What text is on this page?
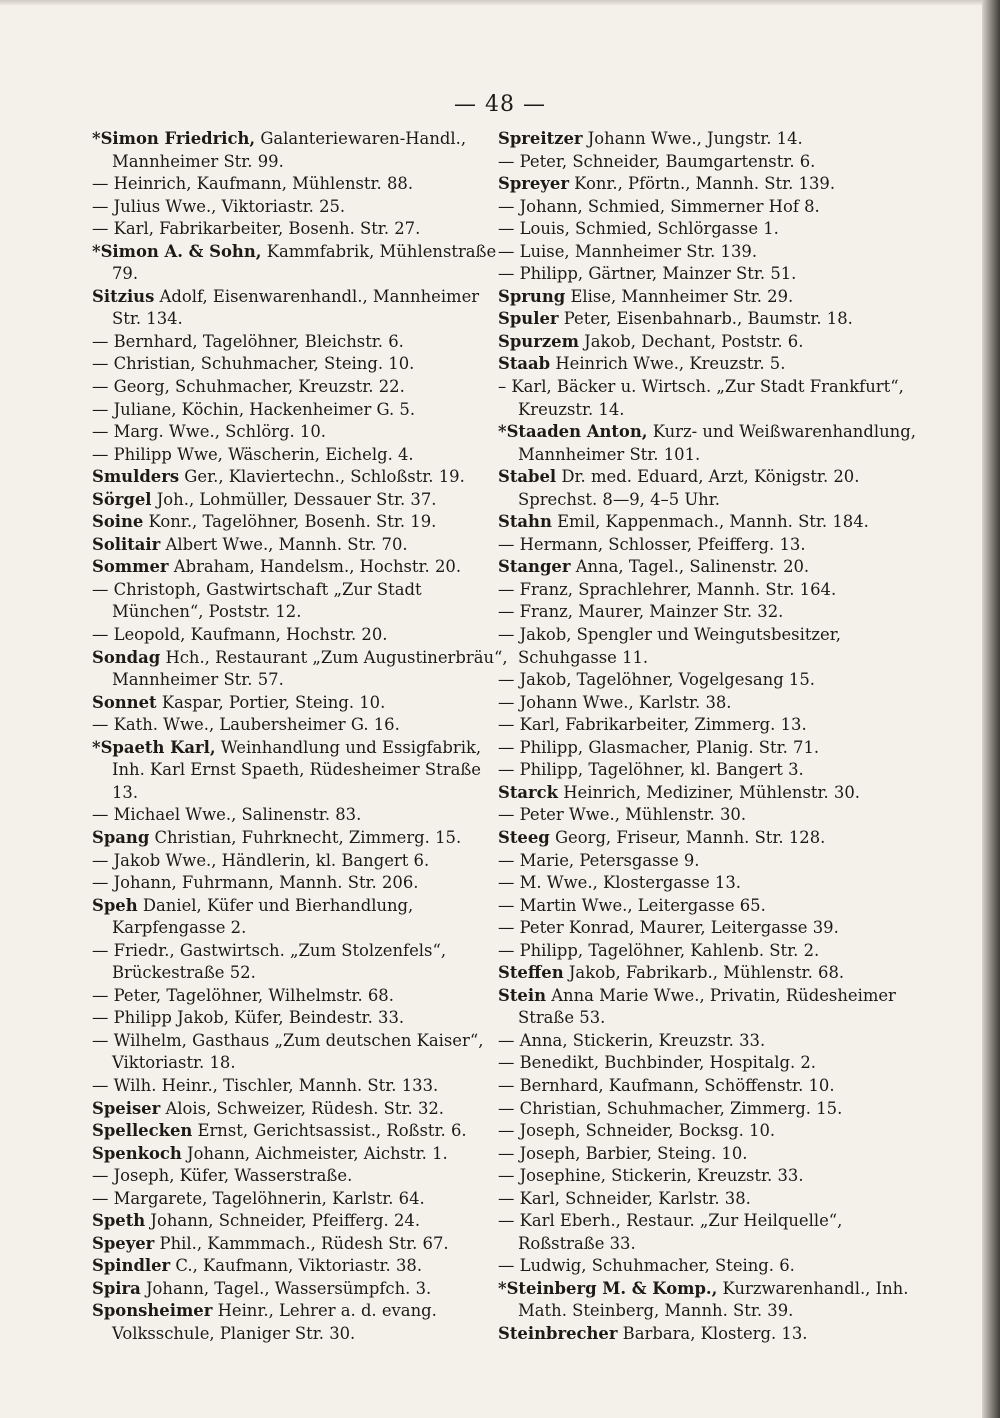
— 48 —
*Simon Friedrich, Galanteriewaren-Handl., Mannheimer Str. 99.
— Heinrich, Kaufmann, Mühlenstr. 88.
— Julius Wwe., Viktoriastr. 25.
— Karl, Fabrikarbeiter, Bosenh. Str. 27.
*Simon A. & Sohn, Kammfabrik, Mühlenstraße 79.
Sitzius Adolf, Eisenwarenhandl., Mannheimer Str. 134.
— Bernhard, Tagelöhner, Bleichstr. 6.
— Christian, Schuhmacher, Steing. 10.
— Georg, Schuhmacher, Kreuzstr. 22.
— Juliane, Köchin, Hackenheimer G. 5.
— Marg. Wwe., Schlörg. 10.
— Philipp Wwe, Wäscherin, Eichelg. 4.
Smulders Ger., Klaviertechn., Schloßstr. 19.
Sörgel Joh., Lohmüller, Dessauer Str. 37.
Soine Konr., Tagelöhner, Bosenh. Str. 19.
Solitair Albert Wwe., Mannh. Str. 70.
Sommer Abraham, Handelsm., Hochstr. 20.
— Christoph, Gastwirtschaft „Zur Stadt München“, Poststr. 12.
— Leopold, Kaufmann, Hochstr. 20.
Sondag Hch., Restaurant „Zum Augustinerbräu“, Mannheimer Str. 57.
Sonnet Kaspar, Portier, Steing. 10.
— Kath. Wwe., Laubersheimer G. 16.
*Spaeth Karl, Weinhandlung und Essigfabrik, Inh. Karl Ernst Spaeth, Rüdesheimer Straße 13.
— Michael Wwe., Salinenstr. 83.
Spang Christian, Fuhrknecht, Zimmerg. 15.
— Jakob Wwe., Händlerin, kl. Bangert 6.
— Johann, Fuhrmann, Mannh. Str. 206.
Speh Daniel, Küfer und Bierhandlung, Karpfengasse 2.
— Friedr., Gastwirtsch. „Zum Stolzenfels“, Brückestraße 52.
— Peter, Tagelöhner, Wilhelmstr. 68.
— Philipp Jakob, Küfer, Beindestr. 33.
— Wilhelm, Gasthaus „Zum deutschen Kaiser“, Viktoriastr. 18.
— Wilh. Heinr., Tischler, Mannh. Str. 133.
Speiser Alois, Schweizer, Rüdesh. Str. 32.
Spellecken Ernst, Gerichtsassist., Roßstr. 6.
Spenkoch Johann, Aichmeister, Aichstr. 1.
— Joseph, Küfer, Wasserstraße.
— Margarete, Tagelöhnerin, Karlstr. 64.
Speth Johann, Schneider, Pfeifferg. 24.
Speyer Phil., Kammmach., Rüdesh Str. 67.
Spindler C., Kaufmann, Viktoriastr. 38.
Spira Johann, Tagel., Wassersümpfch. 3.
Sponsheimer Heinr., Lehrer a. d. evang. Volksschule, Planiger Str. 30.
Spreitzer Johann Wwe., Jungstr. 14.
— Peter, Schneider, Baumgartenstr. 6.
Spreyer Konr., Pförtn., Mannh. Str. 139.
— Johann, Schmied, Simmerner Hof 8.
— Louis, Schmied, Schlörgasse 1.
— Luise, Mannheimer Str. 139.
— Philipp, Gärtner, Mainzer Str. 51.
Sprung Elise, Mannheimer Str. 29.
Spuler Peter, Eisenbahnarb., Baumstr. 18.
Spurzem Jakob, Dechant, Poststr. 6.
Staab Heinrich Wwe., Kreuzstr. 5.
– Karl, Bäcker u. Wirtsch. „Zur Stadt Frankfurt“, Kreuzstr. 14.
*Staaden Anton, Kurz- und Weißwarenhandlung, Mannheimer Str. 101.
Stabel Dr. med. Eduard, Arzt, Königstr. 20. Sprechst. 8—9, 4–5 Uhr.
Stahn Emil, Kappenmach., Mannh. Str. 184.
— Hermann, Schlosser, Pfeifferg. 13.
Stanger Anna, Tagel., Salinenstr. 20.
— Franz, Sprachlehrer, Mannh. Str. 164.
— Franz, Maurer, Mainzer Str. 32.
— Jakob, Spengler und Weingutsbesitzer, Schuhgasse 11.
— Jakob, Tagelöhner, Vogelgesang 15.
— Johann Wwe., Karlstr. 38.
— Karl, Fabrikarbeiter, Zimmerg. 13.
— Philipp, Glasmacher, Planig. Str. 71.
— Philipp, Tagelöhner, kl. Bangert 3.
Starck Heinrich, Mediziner, Mühlenstr. 30.
— Peter Wwe., Mühlenstr. 30.
Steeg Georg, Friseur, Mannh. Str. 128.
— Marie, Petersgasse 9.
— M. Wwe., Klostergasse 13.
— Martin Wwe., Leitergasse 65.
— Peter Konrad, Maurer, Leitergasse 39.
— Philipp, Tagelöhner, Kahlenb. Str. 2.
Steffen Jakob, Fabrikarb., Mühlenstr. 68.
Stein Anna Marie Wwe., Privatin, Rüdesheimer Straße 53.
— Anna, Stickerin, Kreuzstr. 33.
— Benedikt, Buchbinder, Hospitalg. 2.
— Bernhard, Kaufmann, Schöffenstr. 10.
— Christian, Schuhmacher, Zimmerg. 15.
— Joseph, Schneider, Bocksg. 10.
— Joseph, Barbier, Steing. 10.
— Josephine, Stickerin, Kreuzstr. 33.
— Karl, Schneider, Karlstr. 38.
— Karl Eberh., Restaur. „Zur Heilquelle“, Roßstraße 33.
— Ludwig, Schuhmacher, Steing. 6.
*Steinberg M. & Komp., Kurzwarenhandl., Inh. Math. Steinberg, Mannh. Str. 39.
Steinbrecher Barbara, Klosterg. 13.
